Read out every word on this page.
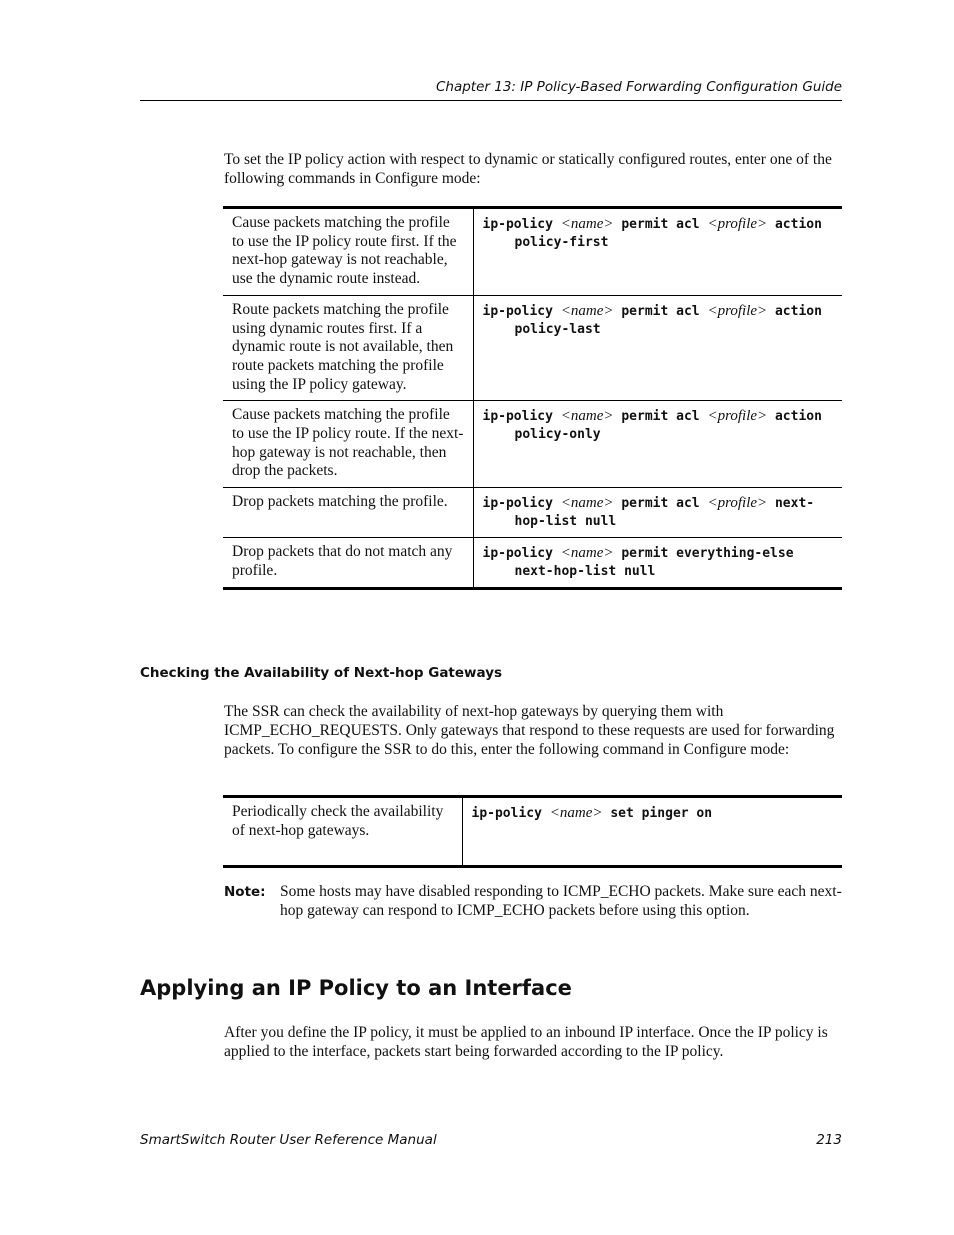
Chapter 13: IP Policy-Based Forwarding Configuration Guide

To set the IP policy action with respect to dynamic or statically configured routes, enter one of the following commands in Configure mode:

Cause packets matching the profile to use the IP policy route first. If the next-hop gateway is not reachable, use the dynamic route instead.	ip-policy <name> permit acl <profile> action
policy-first

Route packets matching the profile using dynamic routes first. If a dynamic route is not available, then route packets matching the profile using the IP policy gateway.	ip-policy <name> permit acl <profile> action
policy-last

Cause packets matching the profile to use the IP policy route. If the next-hop gateway is not reachable, then drop the packets.	ip-policy <name> permit acl <profile> action
policy-only

Drop packets matching the profile.	ip-policy <name> permit acl <profile> next-
hop-list null

Drop packets that do not match any profile.	ip-policy <name> permit everything-else
next-hop-list null
Checking the Availability of Next-hop Gateways

The SSR can check the availability of next-hop gateways by querying them with ICMP_ECHO_REQUESTS. Only gateways that respond to these requests are used for forwarding packets. To configure the SSR to do this, enter the following command in Configure mode:

Periodically check the availability of next-hop gateways.	ip-policy <name> set pinger on
Note: Some hosts may have disabled responding to ICMP_ECHO packets. Make sure each next-hop gateway can respond to ICMP_ECHO packets before using this option.
Applying an IP Policy to an Interface

After you define the IP policy, it must be applied to an inbound IP interface. Once the IP policy is applied to the interface, packets start being forwarded according to the IP policy.

SmartSwitch Router User Reference Manual	213
